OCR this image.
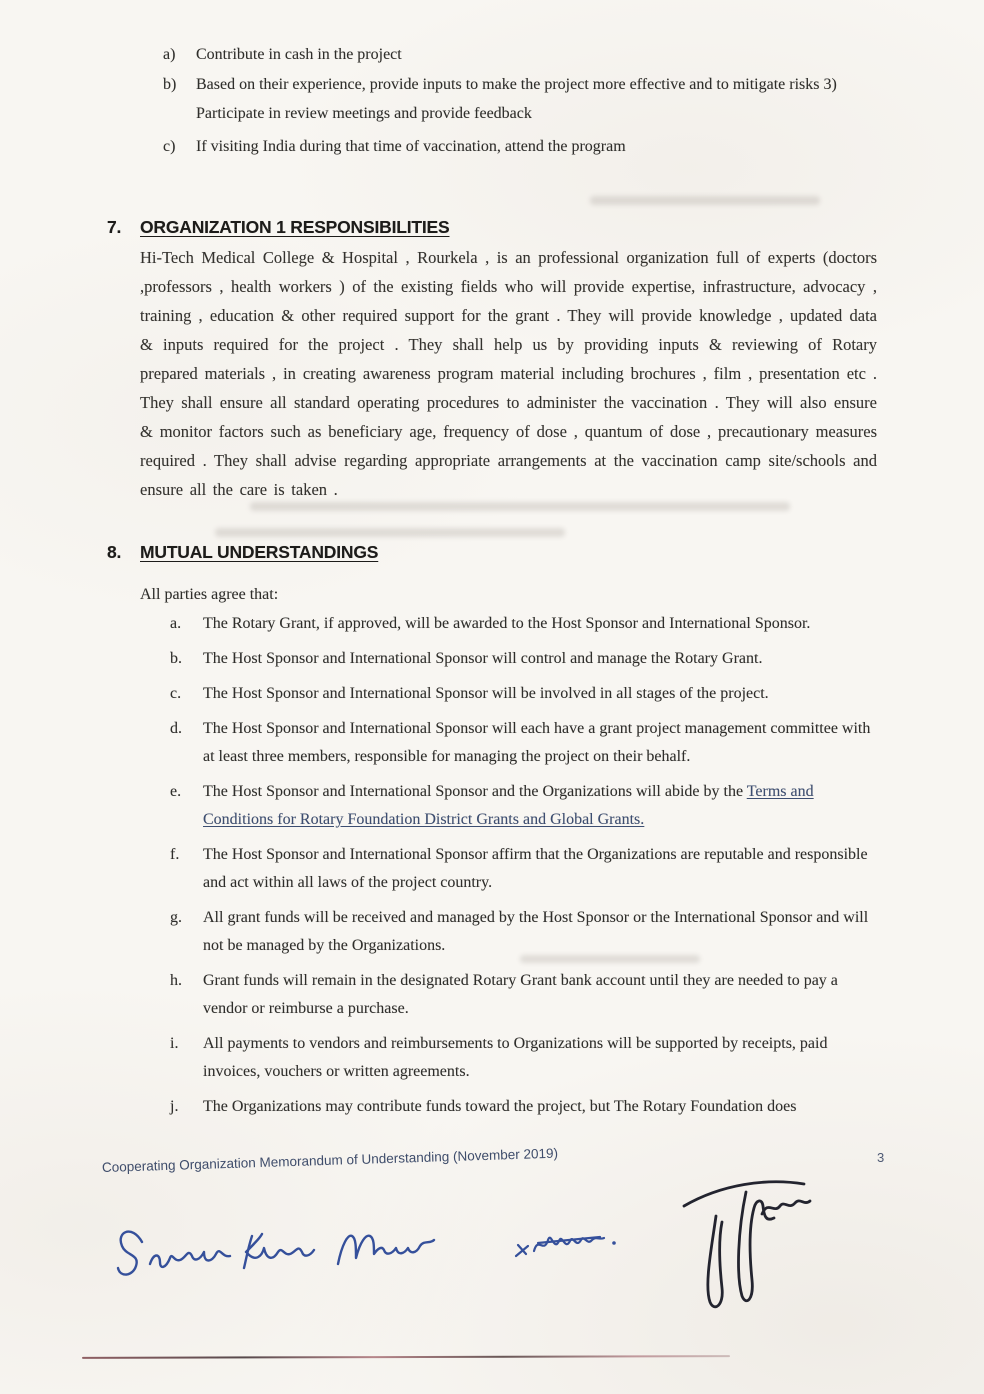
a)	Contribute in cash in the project
b)	Based on their experience, provide inputs to make the project more effective and to mitigate risks 3) Participate in review meetings and provide feedback
c)	If visiting India during that time of vaccination, attend the program
7. ORGANIZATION 1 RESPONSIBILITIES
Hi-Tech Medical College & Hospital , Rourkela , is an professional organization full of experts (doctors ,professors , health workers ) of the existing fields who will provide expertise, infrastructure, advocacy , training , education & other required support for the grant . They will provide knowledge , updated data & inputs required for the project . They shall help us by providing inputs & reviewing of Rotary prepared materials , in creating awareness program material including brochures , film , presentation etc . They shall ensure all standard operating procedures to administer the vaccination . They will also ensure & monitor factors such as beneficiary age, frequency of dose , quantum of dose , precautionary measures required . They shall advise regarding appropriate arrangements at the vaccination camp site/schools and ensure all the care is taken .
8. MUTUAL UNDERSTANDINGS
All parties agree that:
a.	The Rotary Grant, if approved, will be awarded to the Host Sponsor and International Sponsor.
b.	The Host Sponsor and International Sponsor will control and manage the Rotary Grant.
c.	The Host Sponsor and International Sponsor will be involved in all stages of the project.
d.	The Host Sponsor and International Sponsor will each have a grant project management committee with at least three members, responsible for managing the project on their behalf.
e.	The Host Sponsor and International Sponsor and the Organizations will abide by the Terms and Conditions for Rotary Foundation District Grants and Global Grants.
f.	The Host Sponsor and International Sponsor affirm that the Organizations are reputable and responsible and act within all laws of the project country.
g.	All grant funds will be received and managed by the Host Sponsor or the International Sponsor and will not be managed by the Organizations.
h.	Grant funds will remain in the designated Rotary Grant bank account until they are needed to pay a vendor or reimburse a purchase.
i.	All payments to vendors and reimbursements to Organizations will be supported by receipts, paid invoices, vouchers or written agreements.
j.	The Organizations may contribute funds toward the project, but The Rotary Foundation does
Cooperating Organization Memorandum of Understanding (November 2019)	3
